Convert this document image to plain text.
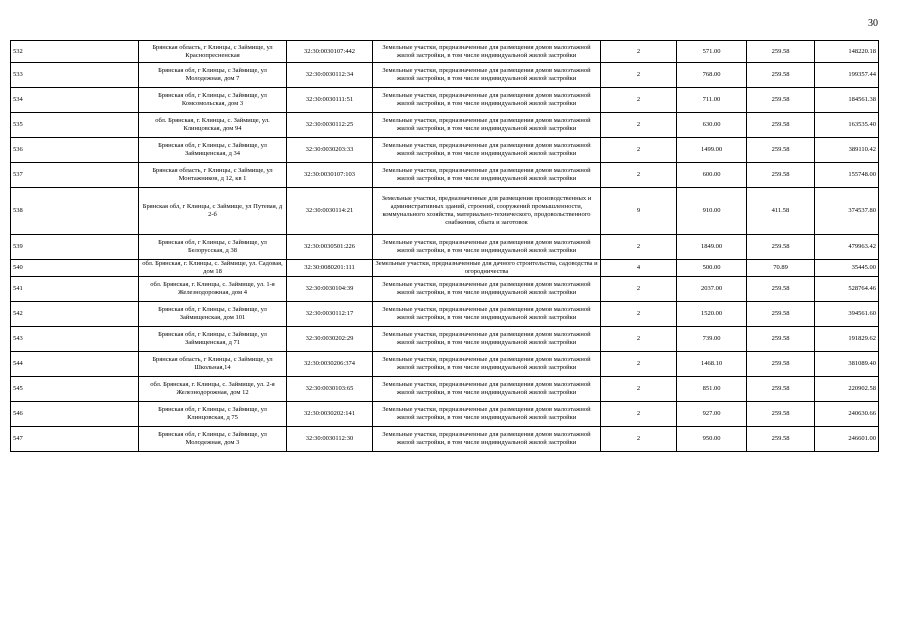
30
532	Брянская область, г Клинцы, с Займище, ул Краснопресненская	32:30:0030107:442	Земельные участки, предназначенные для размещения домов малоэтажной жилой застройки, в том числе индивидуальной жилой застройки	2	571.00	259.58	148220.18
533	Брянская обл, г Клинцы, с Займище, ул Молодежная, дом 7	32:30:0030112:34	Земельные участки, предназначенные для размещения домов малоэтажной жилой застройки, в том числе индивидуальной жилой застройки	2	768.00	259.58	199357.44
534	Брянская обл, г Клинцы, с Займище, ул Комсомольская, дом 3	32:30:0030111:51	Земельные участки, предназначенные для размещения домов малоэтажной жилой застройки, в том числе индивидуальной жилой застройки	2	711.00	259.58	184561.38
535	обл. Брянская, г. Клинцы, с. Займище, ул. Клинцовская, дом 94	32:30:0030112:25	Земельные участки, предназначенные для размещения домов малоэтажной жилой застройки, в том числе индивидуальной жилой застройки	2	630.00	259.58	163535.40
536	Брянская обл, г Клинцы, с Займище, ул Займищенская, д 34	32:30:0030203:33	Земельные участки, предназначенные для размещения домов малоэтажной жилой застройки, в том числе индивидуальной жилой застройки	2	1499.00	259.58	389110.42
537	Брянская область, г Клинцы, с Займище, ул Монтажников, д 12, кв 1	32:30:0030107:103	Земельные участки, предназначенные для размещения домов малоэтажной жилой застройки, в том числе индивидуальной жилой застройки	2	600.00	259.58	155748.00
538	Брянская обл, г Клинцы, с Займище, ул Путевая, д 2-б	32:30:0030114:21	Земельные участки, предназначенные для размещения производственных и административных зданий, строений, сооружений промышленности, коммунального хозяйства, материально-технического, продовольственного снабжения, сбыта и заготовок	9	910.00	411.58	374537.80
539	Брянская обл, г Клинцы, с Займище, ул Белорусская, д 38	32:30:0030501:226	Земельные участки, предназначенные для размещения домов малоэтажной жилой застройки, в том числе индивидуальной жилой застройки	2	1849.00	259.58	479963.42
540	обл. Брянская, г. Клинцы, с. Займище, ул. Садовая, дом 18	32:30:0080201:111	Земельные участки, предназначенные для дачного строительства, садоводства и огородничества	4	500.00	70.89	35445.00
541	обл. Брянская, г. Клинцы, с. Займище, ул. 1-я Железнодорожная, дом 4	32:30:0030104:39	Земельные участки, предназначенные для размещения домов малоэтажной жилой застройки, в том числе индивидуальной жилой застройки	2	2037.00	259.58	528764.46
542	Брянская обл, г Клинцы, с Займище, ул Займищенская, дом 101	32:30:0030112:17	Земельные участки, предназначенные для размещения домов малоэтажной жилой застройки, в том числе индивидуальной жилой застройки	2	1520.00	259.58	394561.60
543	Брянская обл, г Клинцы, с Займище, ул Займищенская, д 71	32:30:0030202:29	Земельные участки, предназначенные для размещения домов малоэтажной жилой застройки, в том числе индивидуальной жилой застройки	2	739.00	259.58	191829.62
544	Брянская область, г Клинцы, с Займище, ул Школьная,14	32:30:0030206:374	Земельные участки, предназначенные для размещения домов малоэтажной жилой застройки, в том числе индивидуальной жилой застройки	2	1468.10	259.58	381089.40
545	обл. Брянская, г. Клинцы, с. Займище, ул. 2-я Железнодорожная, дом 12	32:30:0030103:65	Земельные участки, предназначенные для размещения домов малоэтажной жилой застройки, в том числе индивидуальной жилой застройки	2	851.00	259.58	220902.58
546	Брянская обл, г Клинцы, с Займище, ул Клинцовская, д 75	32:30:0030202:141	Земельные участки, предназначенные для размещения домов малоэтажной жилой застройки, в том числе индивидуальной жилой застройки	2	927.00	259.58	240630.66
547	Брянская обл, г Клинцы, с Займище, ул Молодежная, дом 3	32:30:0030112:30	Земельные участки, предназначенные для размещения домов малоэтажной жилой застройки, в том числе индивидуальной жилой застройки	2	950.00	259.58	246601.00
